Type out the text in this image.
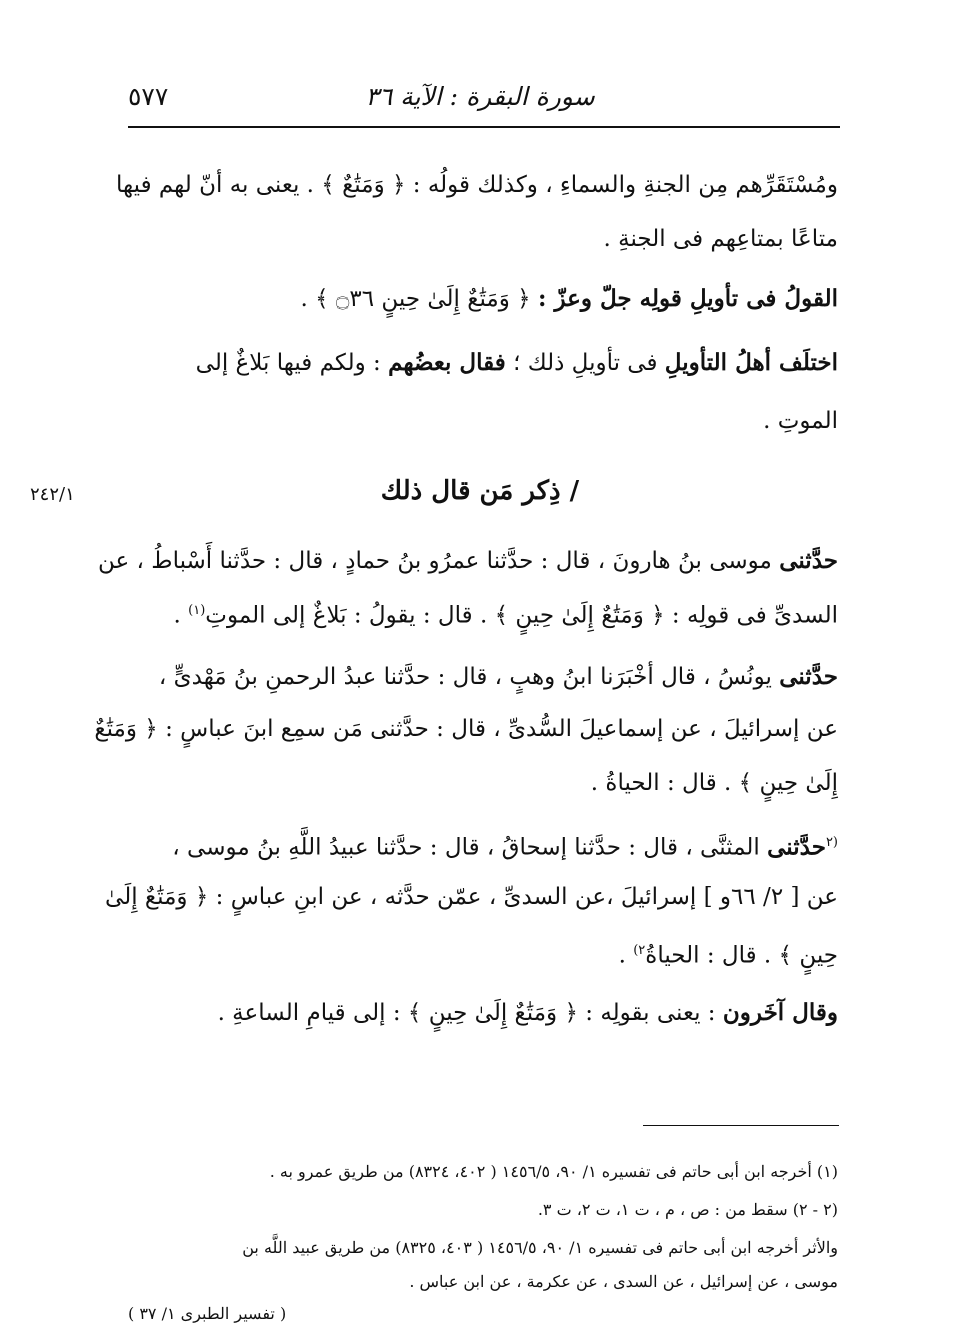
سورة البقرة : الآية ٣٦
٥٧٧
ومُسْتَقَرِّهم مِن الجنةِ والسماءِ ، وكذلك قولُه : ﴿ وَمَتَٰعٌ ﴾ . يعنى به أنّ لهم فيها
متاعًا بمتاعِهم فى الجنةِ .
القولُ فى تأويلِ قولِه جلّ وعزّ : ﴿ وَمَتَٰعٌ إِلَىٰ حِينٍ ۝٣٦ ﴾ .
اختلَف أهلُ التأويلِ فى تأويلِ ذلك ؛ فقال بعضُهم : ولكم فيها بَلاغٌ إلى
الموتِ .
/ ذِكر مَن قال ذلك
٢٤٢/١
حدَّثنى موسى بنُ هارونَ ، قال : حدَّثنا عمرُو بنُ حمادٍ ، قال : حدَّثنا أَسْباطُ ، عن
السدىِّ فى قولِه : ﴿ وَمَتَٰعٌ إِلَىٰ حِينٍ ﴾ . قال : يقولُ : بَلاغٌ إلى الموتِ$^{(١)}$ .
حدَّثنى يونُسُ ، قال أخْبَرَنا ابنُ وهبٍ ، قال : حدَّثنا عبدُ الرحمنِ بنُ مَهْدىٍّ ،
عن إسرائيلَ ، عن إسماعيلَ السُّدىِّ ، قال : حدَّثنى مَن سمِع ابنَ عباسٍ : ﴿ وَمَتَٰعٌ
إِلَىٰ حِينٍ ﴾ . قال : الحياةُ .
$^{(٢}$حدَّثنى المثنَّى ، قال : حدَّثنا إسحاقُ ، قال : حدَّثنا عبيدُ اللَّهِ بنُ موسى ،
عن [ ٢/ ٦٦و ] إسرائيلَ ،عن السدىِّ ، عمّن حدَّثه ، عن ابنِ عباسٍ : ﴿ وَمَتَٰعٌ إِلَىٰ
حِينٍ ﴾ . قال : الحياةُ$^{٢)}$ .
وقال آخَرون : يعنى بقولِه : ﴿ وَمَتَٰعٌ إِلَىٰ حِينٍ ﴾ : إلى قيامِ الساعةِ .
(١) أخرجه ابن أبى حاتم فى تفسيره ١/ ٩٠، ١٤٥٦/٥ ( ٤٠٢، ٨٣٢٤) من طريق عمرو به .
(٢ - ٢) سقط من : ص ، م ، ت ١، ت ٢، ت ٣.
والأثر أخرجه ابن أبى حاتم فى تفسيره ١/ ٩٠، ١٤٥٦/٥ ( ٤٠٣، ٨٣٢٥) من طريق عبيد اللَّه بن
موسى ، عن إسرائيل ، عن السدى ، عن عكرمة ، عن ابن عباس .
( تفسير الطبرى ١/ ٣٧ )
